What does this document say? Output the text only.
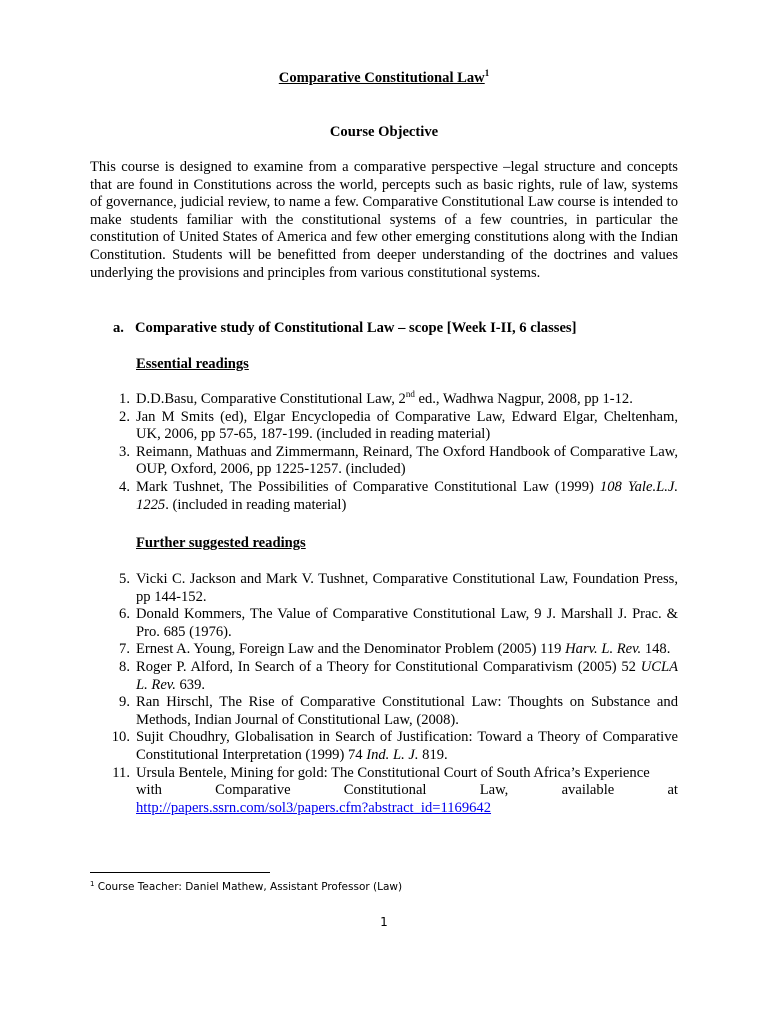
Comparative Constitutional Law$^1$
Course Objective

This course is designed to examine from a comparative perspective –legal structure and concepts that are found in Constitutions across the world, percepts such as basic rights, rule of law, systems of governance, judicial review, to name a few. Comparative Constitutional Law course is intended to make students familiar with the constitutional systems of a few countries, in particular the constitution of United States of America and few other emerging constitutions along with the Indian Constitution. Students will be benefitted from deeper understanding of the doctrines and values underlying the provisions and principles from various constitutional systems.

a. Comparative study of Constitutional Law – scope [Week I-II, 6 classes]
Essential readings
1. D.D.Basu, Comparative Constitutional Law, 2nd ed., Wadhwa Nagpur, 2008, pp 1-12.
2. Jan M Smits (ed), Elgar Encyclopedia of Comparative Law, Edward Elgar, Cheltenham, UK, 2006, pp 57-65, 187-199. (included in reading material)
3. Reimann, Mathuas and Zimmermann, Reinard, The Oxford Handbook of Comparative Law, OUP, Oxford, 2006, pp 1225-1257. (included)
4. Mark Tushnet, The Possibilities of Comparative Constitutional Law (1999) 108 Yale.L.J. 1225. (included in reading material)
Further suggested readings
5. Vicki C. Jackson and Mark V. Tushnet, Comparative Constitutional Law, Foundation Press, pp 144-152.
6. Donald Kommers, The Value of Comparative Constitutional Law, 9 J. Marshall J. Prac. & Pro. 685 (1976).
7. Ernest A. Young, Foreign Law and the Denominator Problem (2005) 119 Harv. L. Rev. 148.
8. Roger P. Alford, In Search of a Theory for Constitutional Comparativism (2005) 52 UCLA L. Rev. 639.
9. Ran Hirschl, The Rise of Comparative Constitutional Law: Thoughts on Substance and Methods, Indian Journal of Constitutional Law, (2008).
10. Sujit Choudhry, Globalisation in Search of Justification: Toward a Theory of Comparative Constitutional Interpretation (1999) 74 Ind. L. J. 819.
11. Ursula Bentele, Mining for gold: The Constitutional Court of South Africa’s Experience
with	Comparative	Constitutional	Law,	available	at
http://papers.ssrn.com/sol3/papers.cfm?abstract_id=1169642
$^1$ Course Teacher: Daniel Mathew, Assistant Professor (Law)
1
